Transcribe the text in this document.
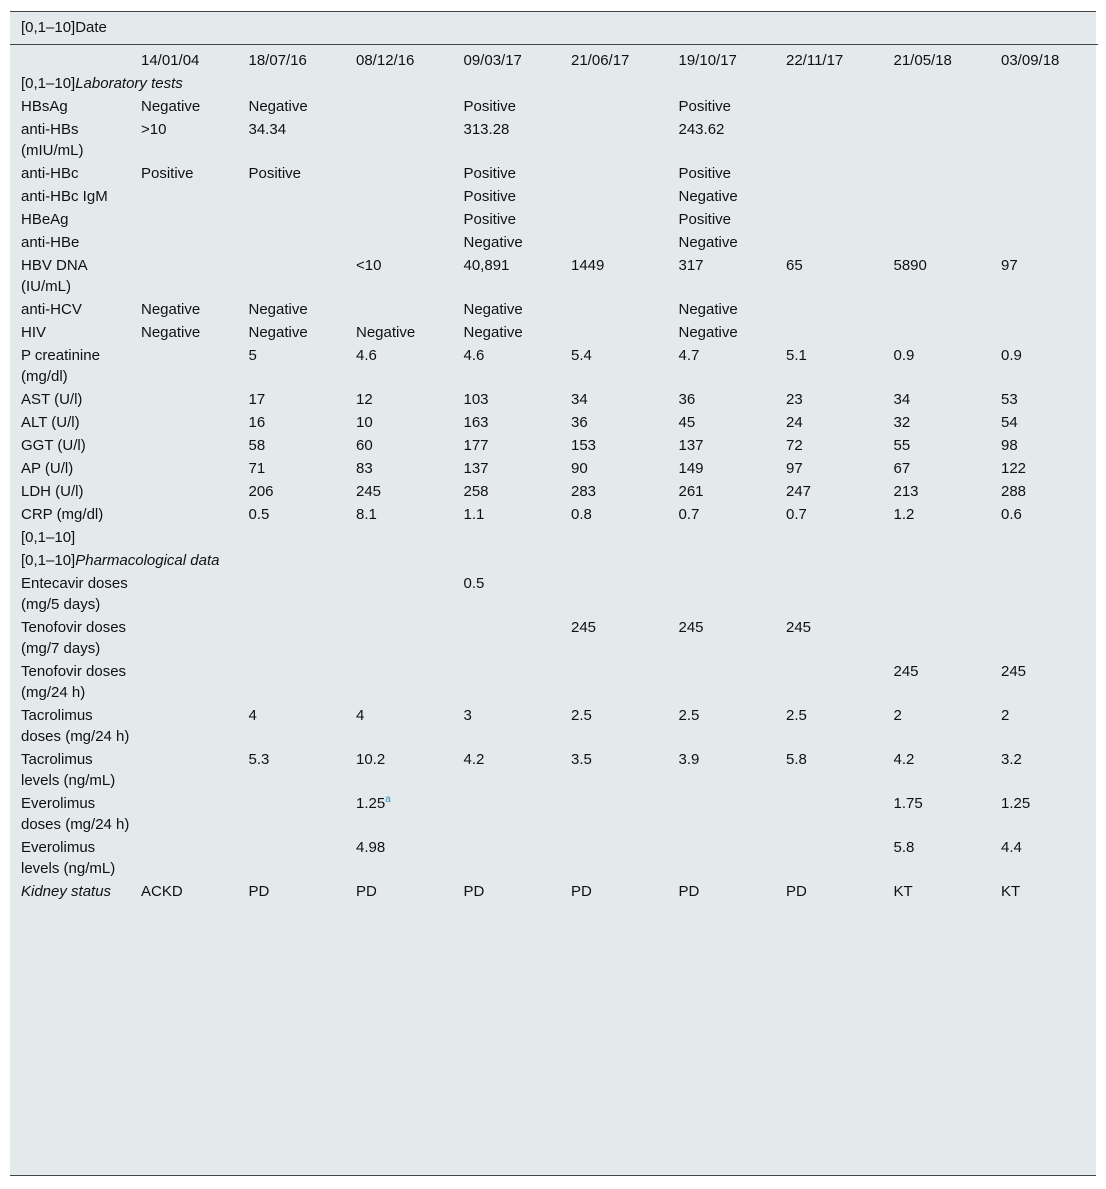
[0,1–10]Date									
	14/01/04	18/07/16	08/12/16	09/03/17	21/06/17	19/10/17	22/11/17	21/05/18	03/09/18
[0,1–10]Laboratory tests									
HBsAg	Negative	Negative		Positive		Positive			
anti-HBs (mIU/mL)	>10	34.34		313.28		243.62			
anti-HBc	Positive	Positive		Positive		Positive			
anti-HBc IgM				Positive		Negative			
HBeAg				Positive		Positive			
anti-HBe				Negative		Negative			
HBV DNA (IU/mL)			<10	40,891	1449	317	65	5890	97
anti-HCV	Negative	Negative		Negative		Negative			
HIV	Negative	Negative	Negative	Negative		Negative			
P creatinine (mg/dl)		5	4.6	4.6	5.4	4.7	5.1	0.9	0.9
AST (U/l)		17	12	103	34	36	23	34	53
ALT (U/l)		16	10	163	36	45	24	32	54
GGT (U/l)		58	60	177	153	137	72	55	98
AP (U/l)		71	83	137	90	149	97	67	122
LDH (U/l)		206	245	258	283	261	247	213	288
CRP (mg/dl)		0.5	8.1	1.1	0.8	0.7	0.7	1.2	0.6
[0,1–10]									
[0,1–10]Pharmacological data									
Entecavir doses (mg/5 days)				0.5					
Tenofovir doses (mg/7 days)					245	245	245		
Tenofovir doses (mg/24 h)								245	245
Tacrolimus doses (mg/24 h)		4	4	3	2.5	2.5	2.5	2	2
Tacrolimus levels (ng/mL)		5.3	10.2	4.2	3.5	3.9	5.8	4.2	3.2
Everolimus doses (mg/24 h)			1.25$^a$					1.75	1.25
Everolimus levels (ng/mL)			4.98					5.8	4.4
Kidney status	ACKD	PD	PD	PD	PD	PD	PD	KT	KT
